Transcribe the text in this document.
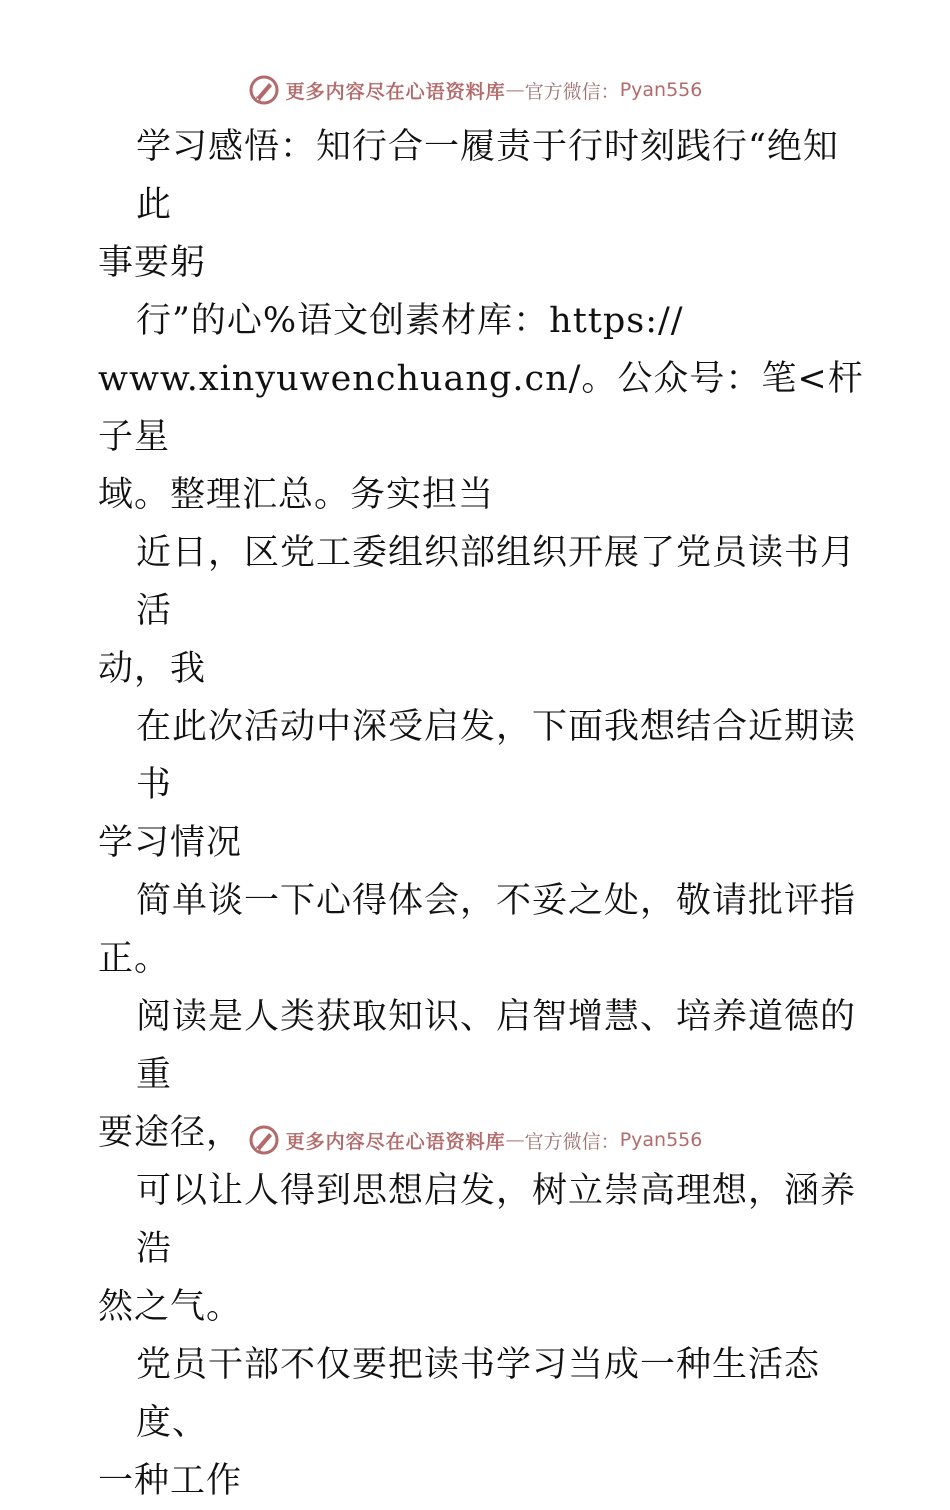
更多内容尽在心语资料库 — 官方微信： Pyan556

学习感悟：知行合一履责于行时刻践行“绝知此
事要躬

行”的心%语文创素材库：https://
www.xinyuwenchuang.cn/。公众号：笔<杆子星
域。整理汇总。务实担当

近日，区党工委组织部组织开展了党员读书月活
动，我

在此次活动中深受启发，下面我想结合近期读书
学习情况

简单谈一下心得体会，不妥之处，敬请批评指
正。

阅读是人类获取知识、启智增慧、培养道德的重
要途径，

可以让人得到思想启发，树立崇高理想，涵养浩
然之气。

党员干部不仅要把读书学习当成一种生活态度、
一种工作

更多内容尽在心语资料库 — 官方微信： Pyan556
